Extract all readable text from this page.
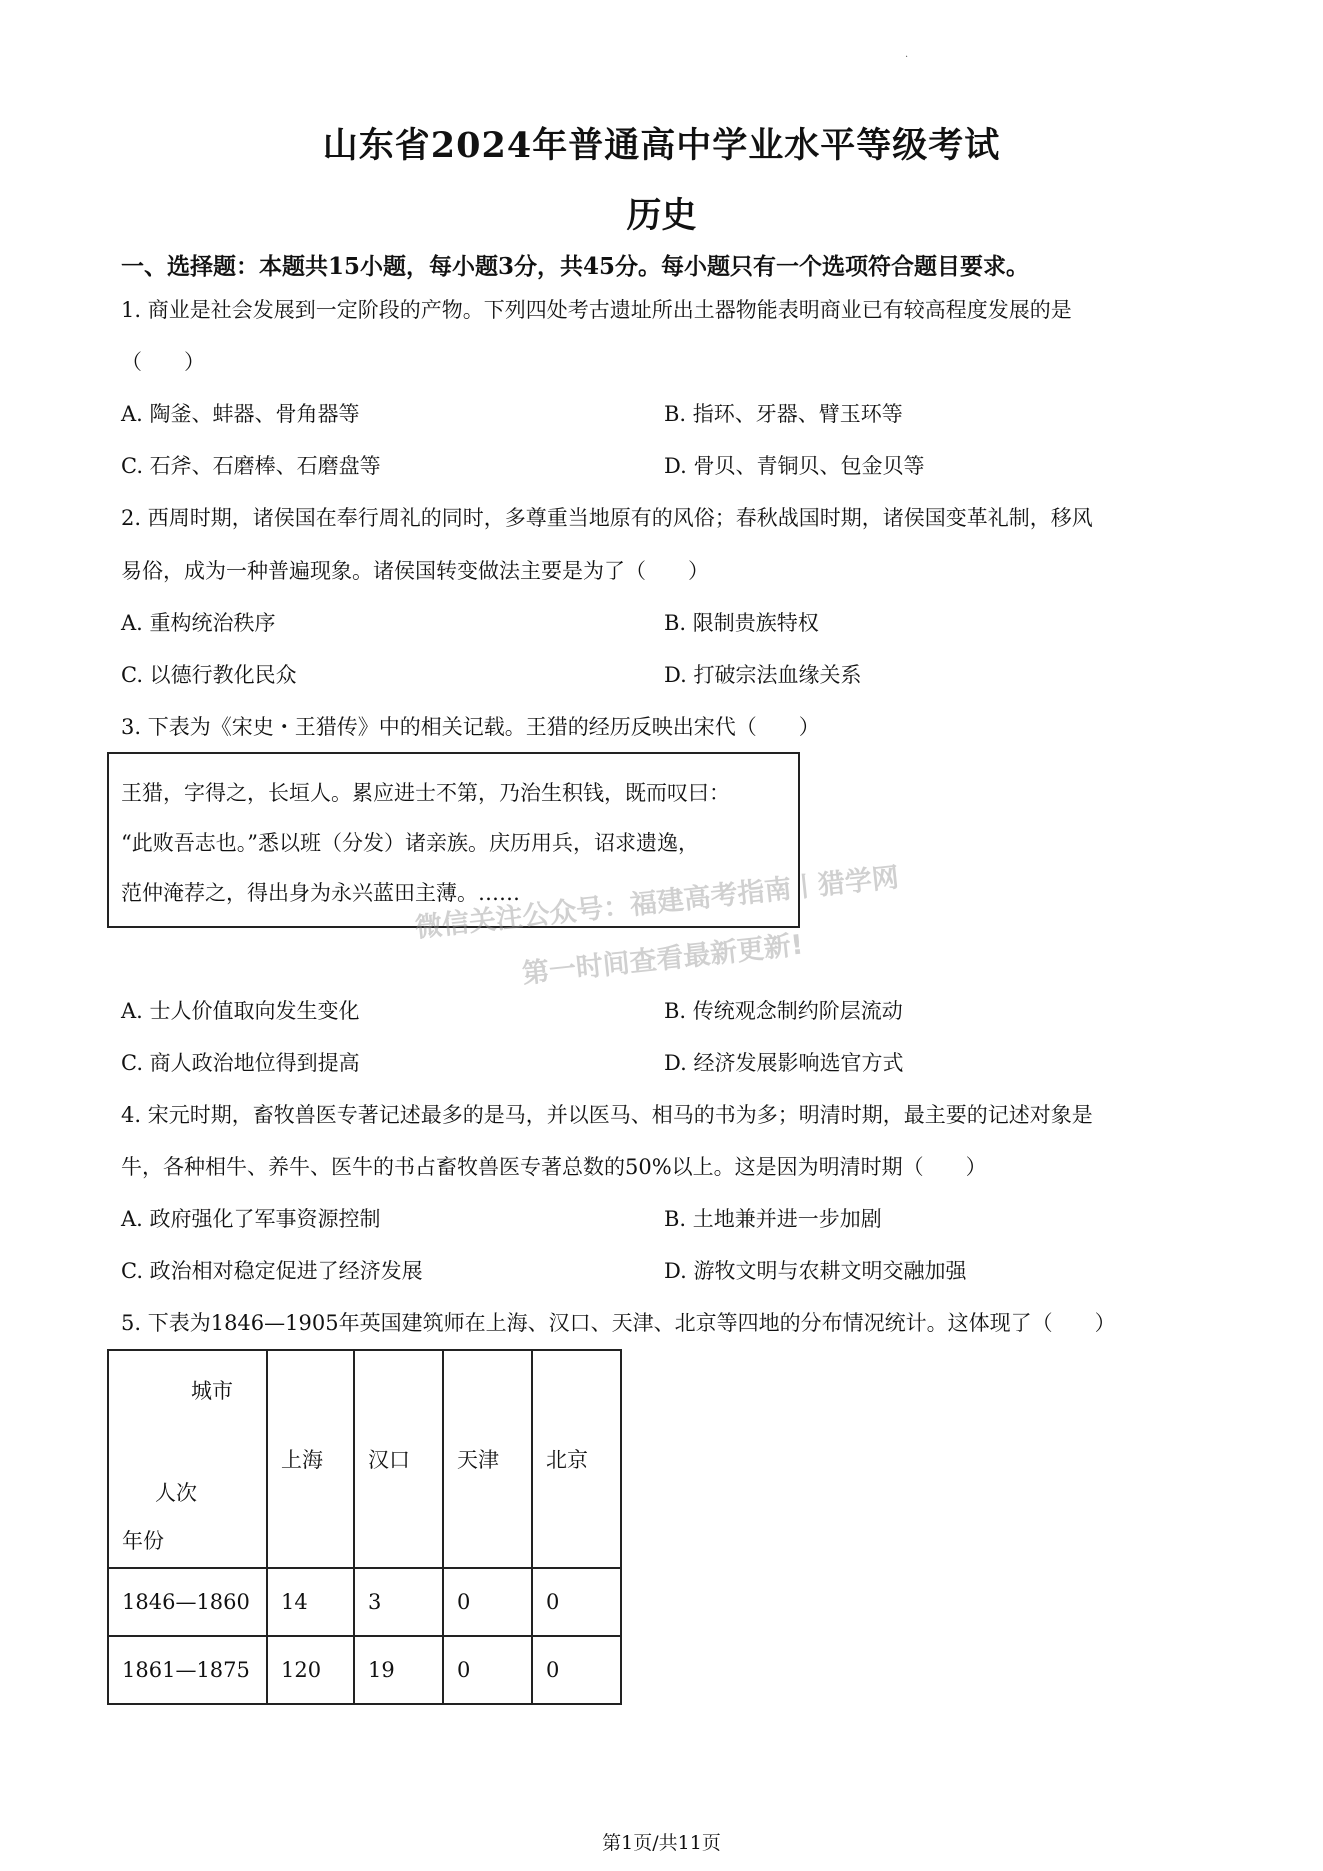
·
山东省2024年普通高中学业水平等级考试
历史
一、选择题：本题共15小题，每小题3分，共45分。每小题只有一个选项符合题目要求。
1. 商业是社会发展到一定阶段的产物。下列四处考古遗址所出土器物能表明商业已有较高程度发展的是
（　　）
A. 陶釜、蚌器、骨角器等	B. 指环、牙器、臂玉环等
C. 石斧、石磨棒、石磨盘等	D. 骨贝、青铜贝、包金贝等
2. 西周时期，诸侯国在奉行周礼的同时，多尊重当地原有的风俗；春秋战国时期，诸侯国变革礼制，移风
易俗，成为一种普遍现象。诸侯国转变做法主要是为了（　　）
A. 重构统治秩序	B. 限制贵族特权
C. 以德行教化民众	D. 打破宗法血缘关系
3. 下表为《宋史・王猎传》中的相关记载。王猎的经历反映出宋代（　　）
王猎，字得之，长垣人。累应进士不第，乃治生积钱，既而叹曰：
“此败吾志也。”悉以班（分发）诸亲族。庆历用兵，诏求遗逸，
范仲淹荐之，得出身为永兴蓝田主薄。……
微信关注公众号：福建高考指南丨猎学网
第一时间查看最新更新!
A. 士人价值取向发生变化	B. 传统观念制约阶层流动
C. 商人政治地位得到提高	D. 经济发展影响选官方式
4. 宋元时期，畜牧兽医专著记述最多的是马，并以医马、相马的书为多；明清时期，最主要的记述对象是
牛，各种相牛、养牛、医牛的书占畜牧兽医专著总数的50%以上。这是因为明清时期（　　）
A. 政府强化了军事资源控制	B. 土地兼并进一步加剧
C. 政治相对稳定促进了经济发展	D. 游牧文明与农耕文明交融加强
5. 下表为1846—1905年英国建筑师在上海、汉口、天津、北京等四地的分布情况统计。这体现了（　　）
城市
人次
年份	上海	汉口	天津	北京
1846—1860	14	3	0	0
1861—1875	120	19	0	0
第1页/共11页
